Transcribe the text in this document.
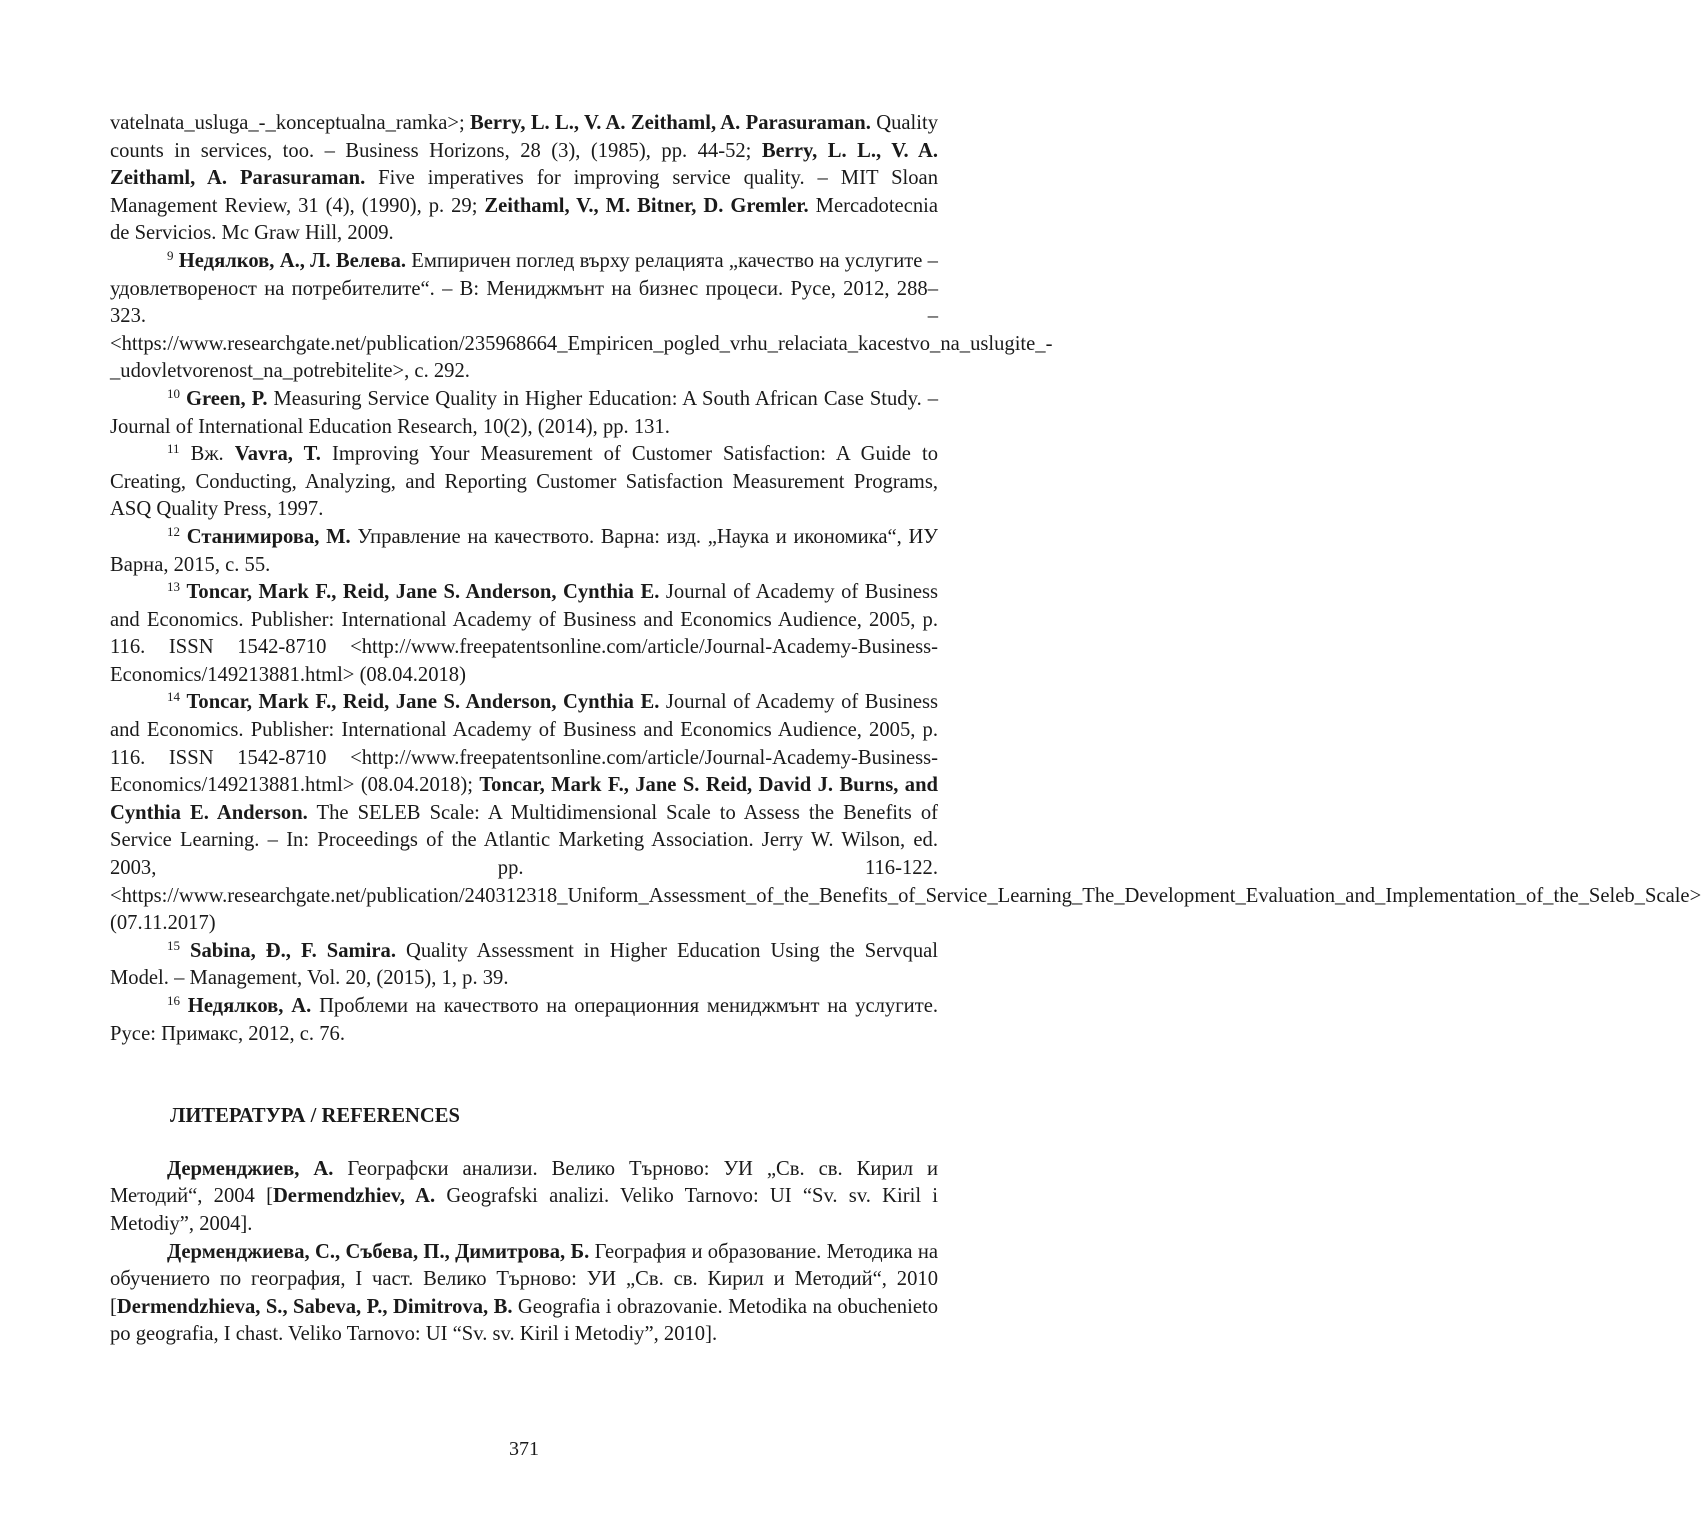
vatelnata_usluga_-_konceptualna_ramka>; Berry, L. L., V. A. Zeithaml, A. Parasuraman. Quality counts in services, too. – Business Horizons, 28 (3), (1985), pp. 44-52; Berry, L. L., V. A. Zeithaml, A. Parasuraman. Five imperatives for improving service quality. – MIT Sloan Management Review, 31 (4), (1990), p. 29; Zeithaml, V., M. Bitner, D. Gremler. Mercadotecnia de Servicios. Mc Graw Hill, 2009.

$^9$ Недялков, А., Л. Велева. Емпиричен поглед върху релацията „качество на услугите – удовлетвореност на потребителите“. – В: Мениджмънт на бизнес процеси. Русе, 2012, 288–323. – <https://www.researchgate.net/publication/235968664_Empiricen_pogled_vrhu_relaciata_kacestvo_na_uslugite_-_udovletvorenost_na_potrebitelite>, с. 292.

$^{10}$ Green, P. Measuring Service Quality in Higher Education: A South African Case Study. – Journal of International Education Research, 10(2), (2014), pp. 131.

$^{11}$ Вж. Vavra, T. Improving Your Measurement of Customer Satisfaction: A Guide to Creating, Conducting, Analyzing, and Reporting Customer Satisfaction Measurement Programs, ASQ Quality Press, 1997.

$^{12}$ Станимирова, М. Управление на качеството. Варна: изд. „Наука и икономика“, ИУ Варна, 2015, с. 55.

$^{13}$ Toncar, Mark F., Reid, Jane S. Anderson, Cynthia E. Journal of Academy of Business and Economics. Publisher: International Academy of Business and Economics Audience, 2005, p. 116. ISSN 1542-8710 <http://www.freepatentsonline.com/article/Journal-Academy-Business-Economics/149213881.html> (08.04.2018)

$^{14}$ Toncar, Mark F., Reid, Jane S. Anderson, Cynthia E. Journal of Academy of Business and Economics. Publisher: International Academy of Business and Economics Audience, 2005, p. 116. ISSN 1542-8710 <http://www.freepatentsonline.com/article/Journal-Academy-Business-Economics/149213881.html> (08.04.2018); Toncar, Mark F., Jane S. Reid, David J. Burns, and Cynthia E. Anderson. The SELEB Scale: A Multidimensional Scale to Assess the Benefits of Service Learning. – In: Proceedings of the Atlantic Marketing Association. Jerry W. Wilson, ed. 2003, pp. 116-122. <https://www.researchgate.net/publication/240312318_Uniform_Assessment_of_the_Benefits_of_Service_Learning_The_Development_Evaluation_and_Implementation_of_the_Seleb_Scale> (07.11.2017)

$^{15}$ Sabina, Đ., F. Samira. Quality Assessment in Higher Education Using the Servqual Model. – Management, Vol. 20, (2015), 1, p. 39.

$^{16}$ Недялков, А. Проблеми на качеството на операционния мениджмънт на услугите. Русе: Примакс, 2012, с. 76.

ЛИТЕРАТУРА / REFERENCES

Дерменджиев, А. Географски анализи. Велико Търново: УИ „Св. св. Кирил и Методий“, 2004 [Dermendzhiev, A. Geografski analizi. Veliko Tarnovo: UI “Sv. sv. Kiril i Metodiy”, 2004].

Дерменджиева, С., Събева, П., Димитрова, Б. География и образование. Методика на обучението по география, I част. Велико Търново: УИ „Св. св. Кирил и Методий“, 2010 [Dermendzhieva, S., Sabeva, P., Dimitrova, B. Geografia i obrazovanie. Metodika na obuchenieto po geografia, I chast. Veliko Tarnovo: UI “Sv. sv. Kiril i Metodiy”, 2010].

371
